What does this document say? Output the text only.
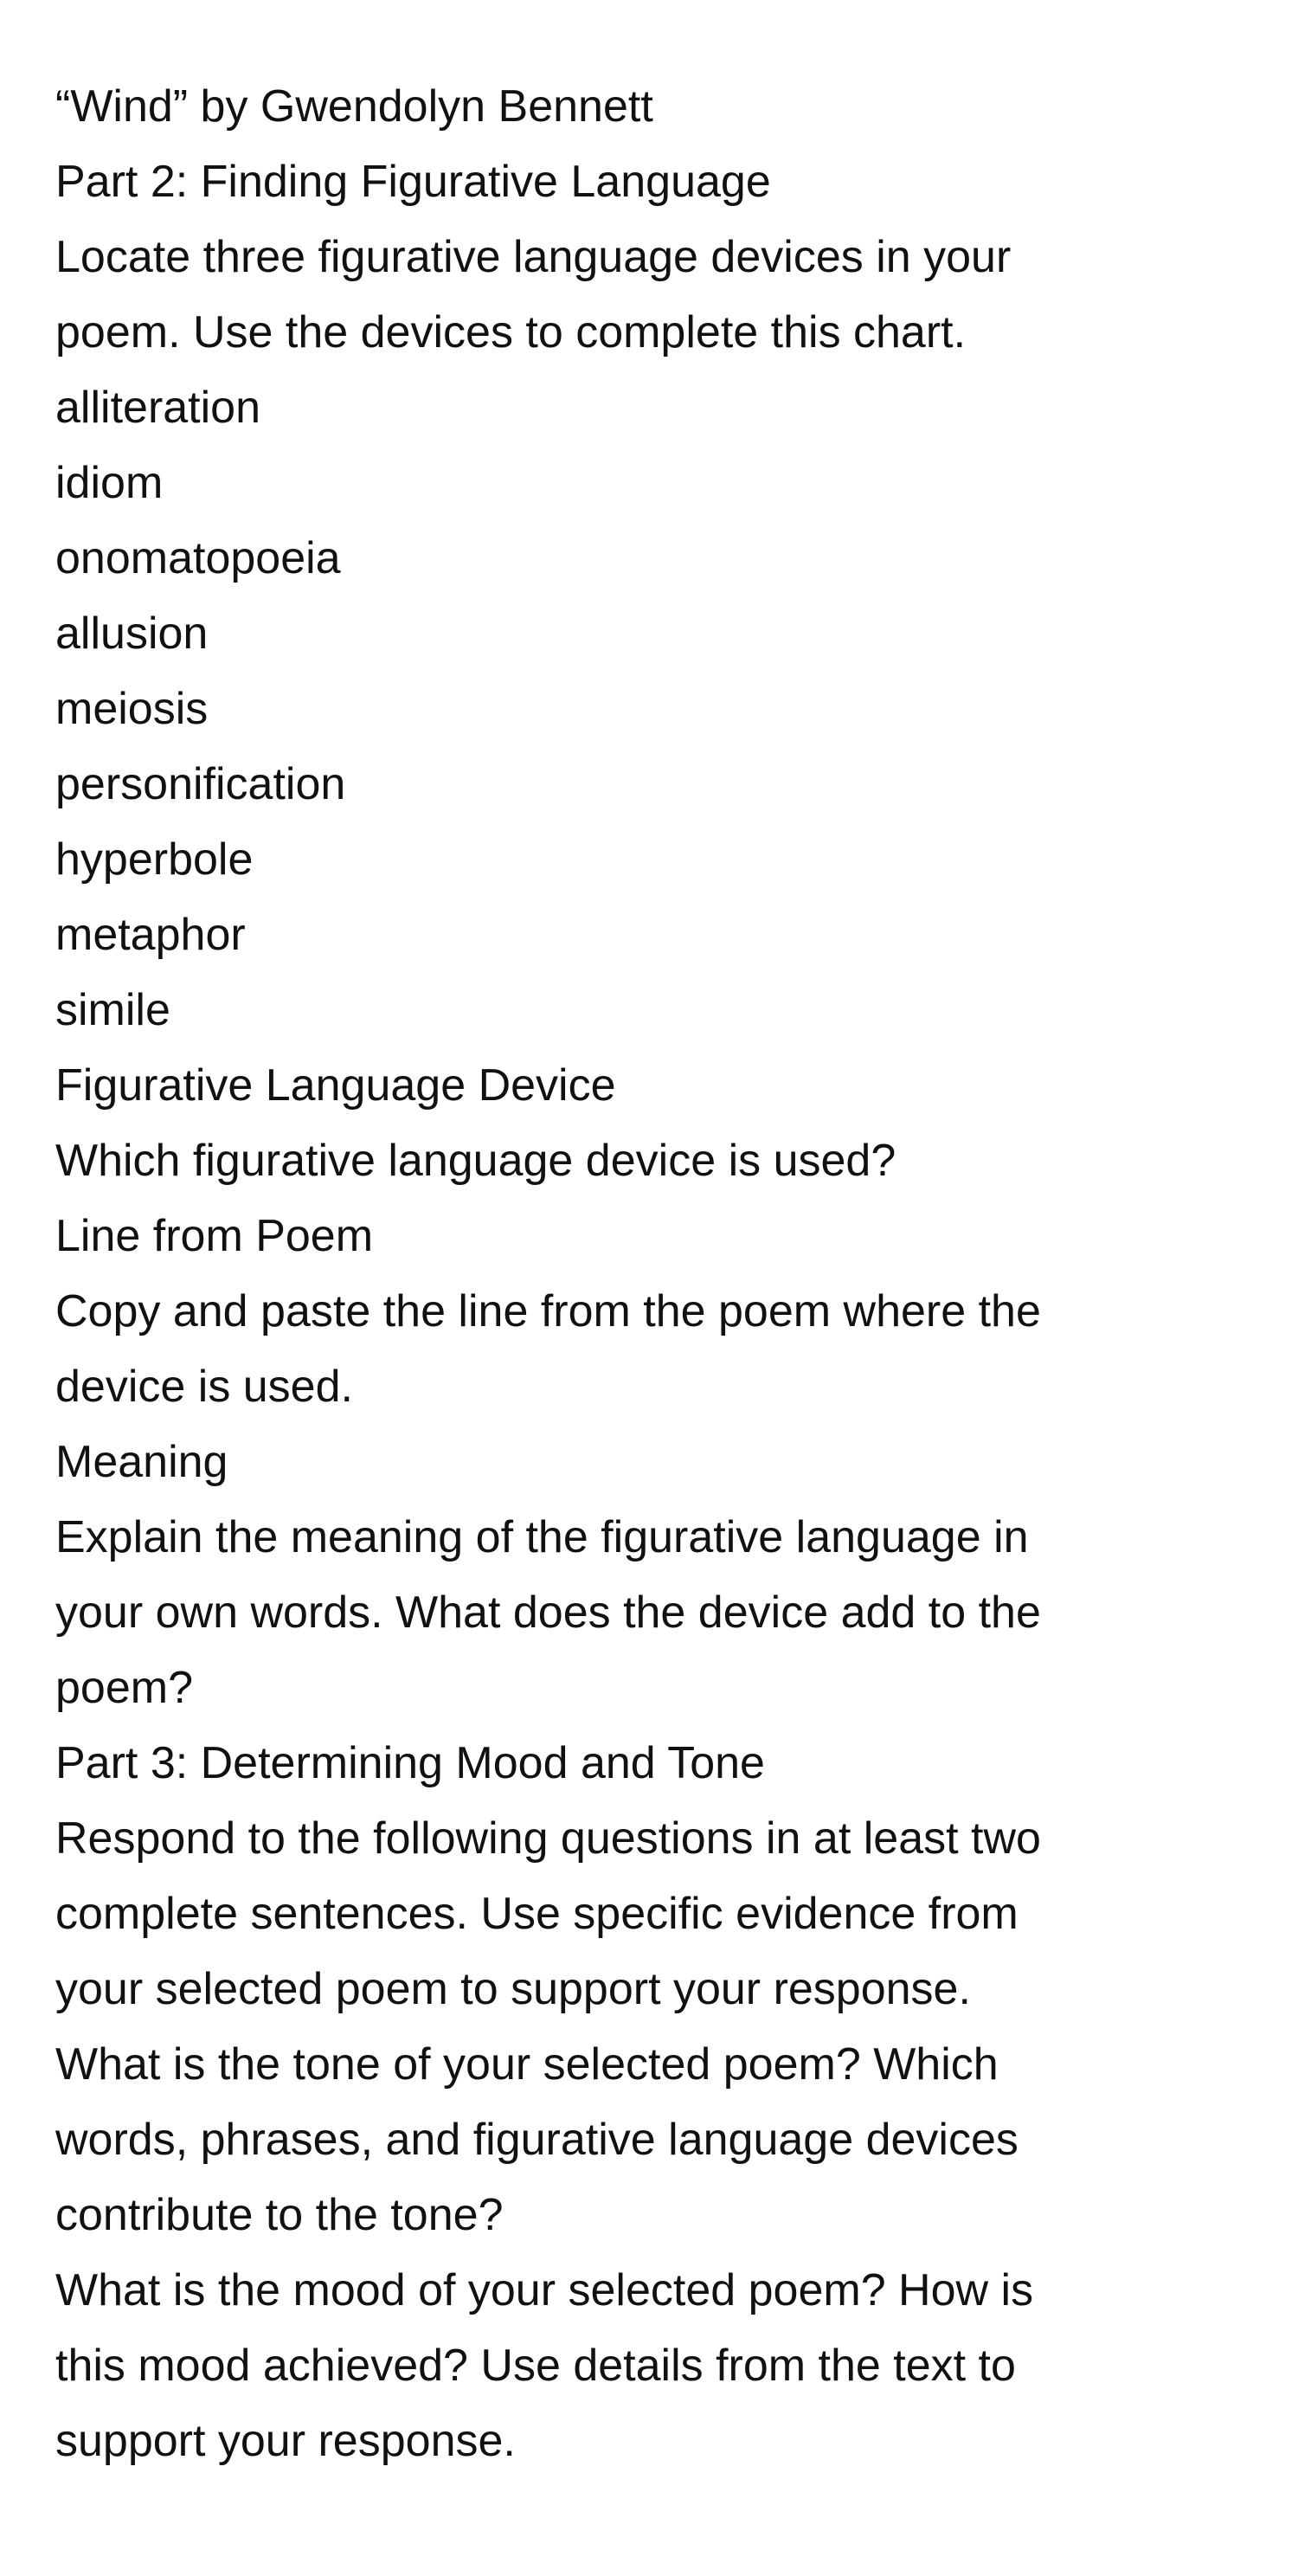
“Wind” by Gwendolyn Bennett

Part 2: Finding Figurative Language

Locate three figurative language devices in your

poem. Use the devices to complete this chart.

alliteration

idiom

onomatopoeia

allusion

meiosis

personification

hyperbole

metaphor

simile

Figurative Language Device

Which figurative language device is used?

Line from Poem

Copy and paste the line from the poem where the

device is used.

Meaning

Explain the meaning of the figurative language in

your own words. What does the device add to the

poem?

Part 3: Determining Mood and Tone

Respond to the following questions in at least two

complete sentences. Use specific evidence from

your selected poem to support your response.

What is the tone of your selected poem? Which

words, phrases, and figurative language devices

contribute to the tone?

What is the mood of your selected poem? How is

this mood achieved? Use details from the text to

support your response.
